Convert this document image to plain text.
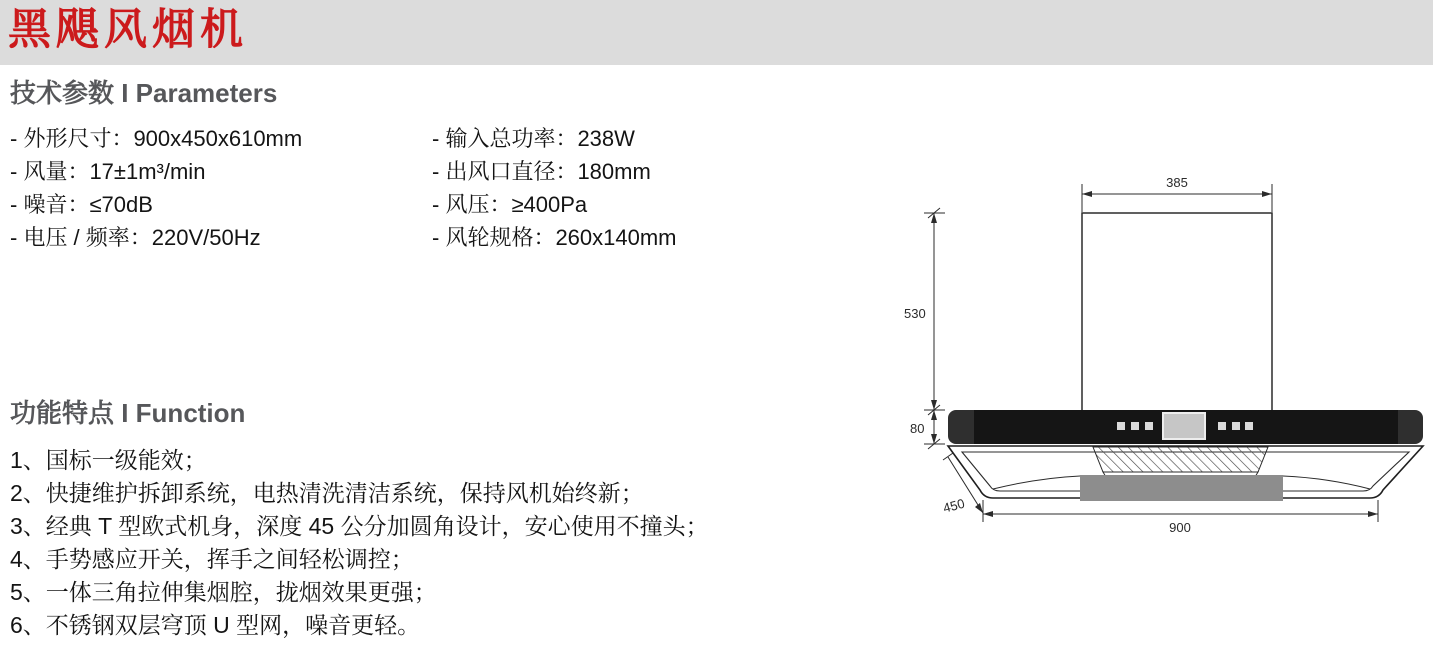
黑飓风烟机
技术参数 I Parameters
- 外形尺寸：900x450x610mm
- 风量：17±1m³/min
- 噪音：≤70dB
- 电压 / 频率：220V/50Hz
- 输入总功率：238W
- 出风口直径：180mm
- 风压：≥400Pa
- 风轮规格：260x140mm
功能特点 I Function
1、国标一级能效；
2、快捷维护拆卸系统，电热清洗清洁系统，保持风机始终新；
3、经典 T 型欧式机身，深度 45 公分加圆角设计，安心使用不撞头；
4、手势感应开关，挥手之间轻松调控；
5、一体三角拉伸集烟腔，拢烟效果更强；
6、不锈钢双层穹顶 U 型网，噪音更轻。
385
530
80
450
900
